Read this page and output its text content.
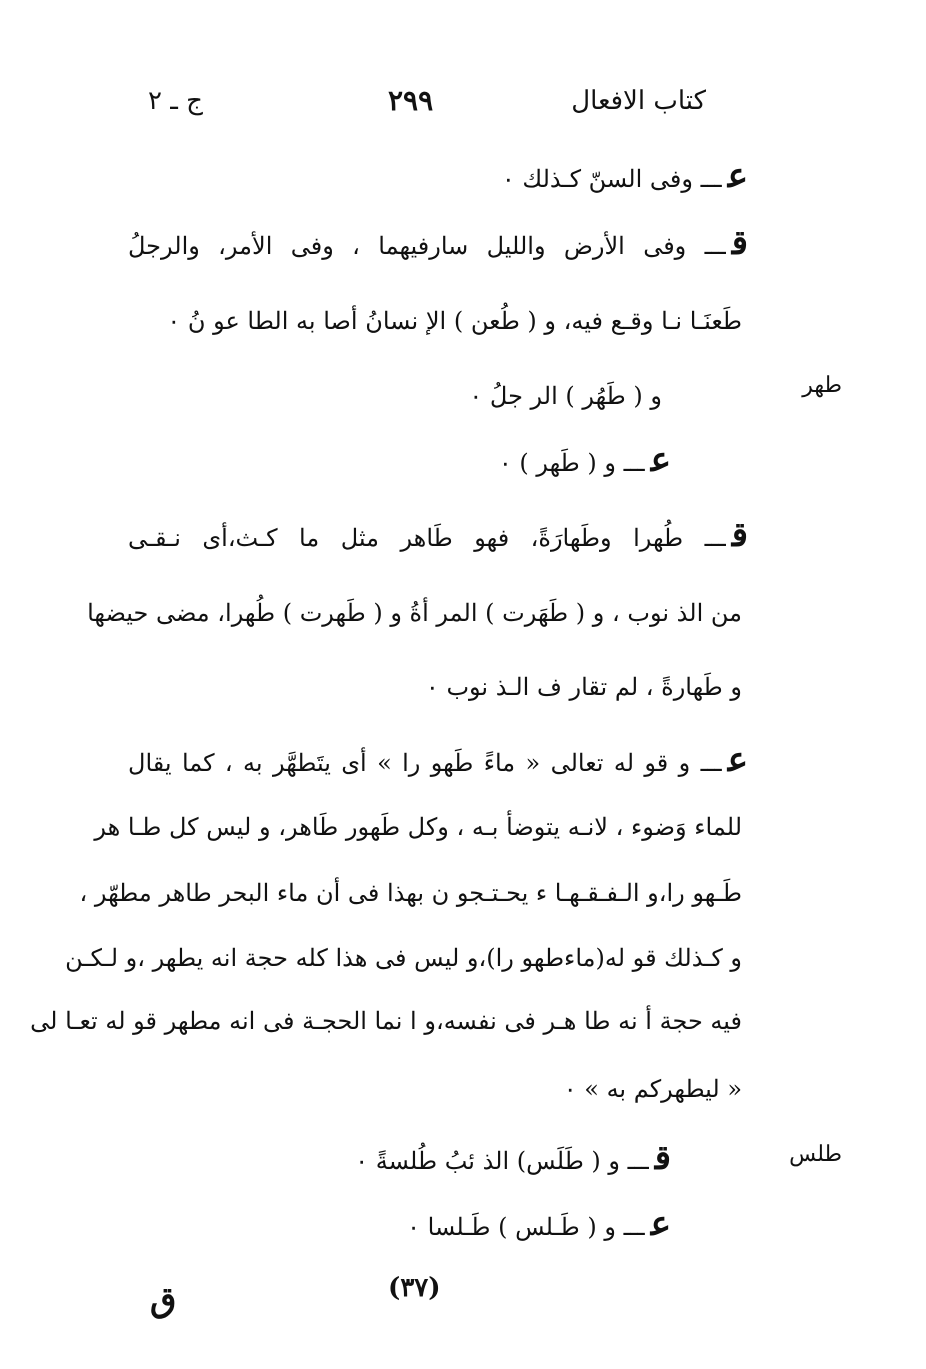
كتاب الافعال
٢٩٩
ج ـ ٢
طهر
طلس
عـــ وفى السنّ كـذلك ٠
قـــ وفى الأرض والليل سارفيهما ، وفى الأمر، والرجلُ
طَعنَـا نـا وقـع فيه، و ( طُعن ) الإ نسانُ أصا به الطا عو نُ ٠
و ( طَهُر ) الر جلُ ٠
عـــ و ( طَهر ) ٠
قـــ طُهرا وطَهارَةً، فهو طَاهر مثل ما كـث،أى نـقـى
من الذ نوب ، و ( طَهَرت ) المر أةُ و ( طَهرت ) طُهرا، مضى حيضها
و طَهارةً ، لم تقار ف الـذ نوب ٠
عـــ و قو له تعالى « ماءً طَهو را » أى يتَطهَّر به ، كما يقال
للماء وَضوء ، لانـه يتوضأ بـه ، وكل طَهور طَاهر، و ليس كل طـا هر
طَـهو را،و الـفـقـهـا ء يحـتـجو ن بهذا فى أن ماء البحر طاهر مطهّر ،
و كـذلك قو له(ماءطهو را)،و ليس فى هذا كله حجة انه يطهر ،و لـكـن
فيه حجة أ نه طا هـر فى نفسه،و ا نما الحجـة فى انه مطهر قو له تعـا لى
« ليطهركم به » ٠
قـــ و ( طَلَس) الذ ئبُ طُلسةً ٠
عـــ و ( طَـلس ) طَـلسا ٠
(٣٧)
ق
